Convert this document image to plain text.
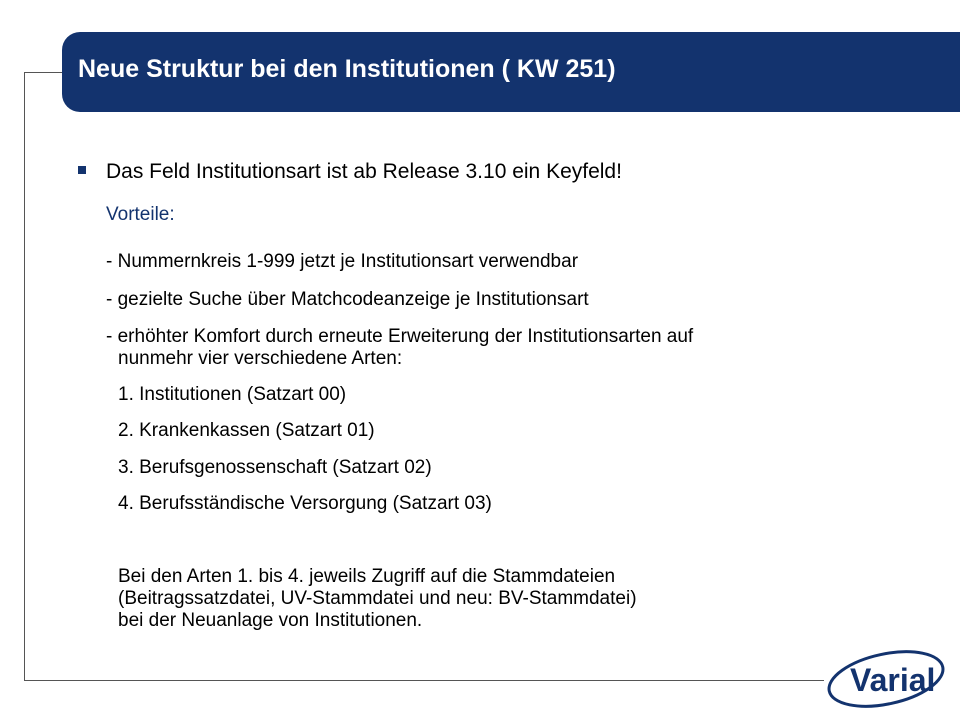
Neue Struktur bei den Institutionen ( KW 251)
Das Feld Institutionsart ist ab Release 3.10 ein Keyfeld!
Vorteile:
- Nummernkreis 1-999 jetzt je Institutionsart verwendbar
- gezielte Suche über Matchcodeanzeige je Institutionsart
- erhöhter Komfort durch erneute Erweiterung der Institutionsarten auf
nunmehr vier verschiedene Arten:
1. Institutionen (Satzart 00)
2. Krankenkassen (Satzart 01)
3. Berufsgenossenschaft (Satzart 02)
4. Berufsständische Versorgung (Satzart 03)
Bei den Arten 1. bis 4. jeweils Zugriff auf die Stammdateien
(Beitragssatzdatei, UV-Stammdatei und neu: BV-Stammdatei)
bei der Neuanlage von Institutionen.
Varial
